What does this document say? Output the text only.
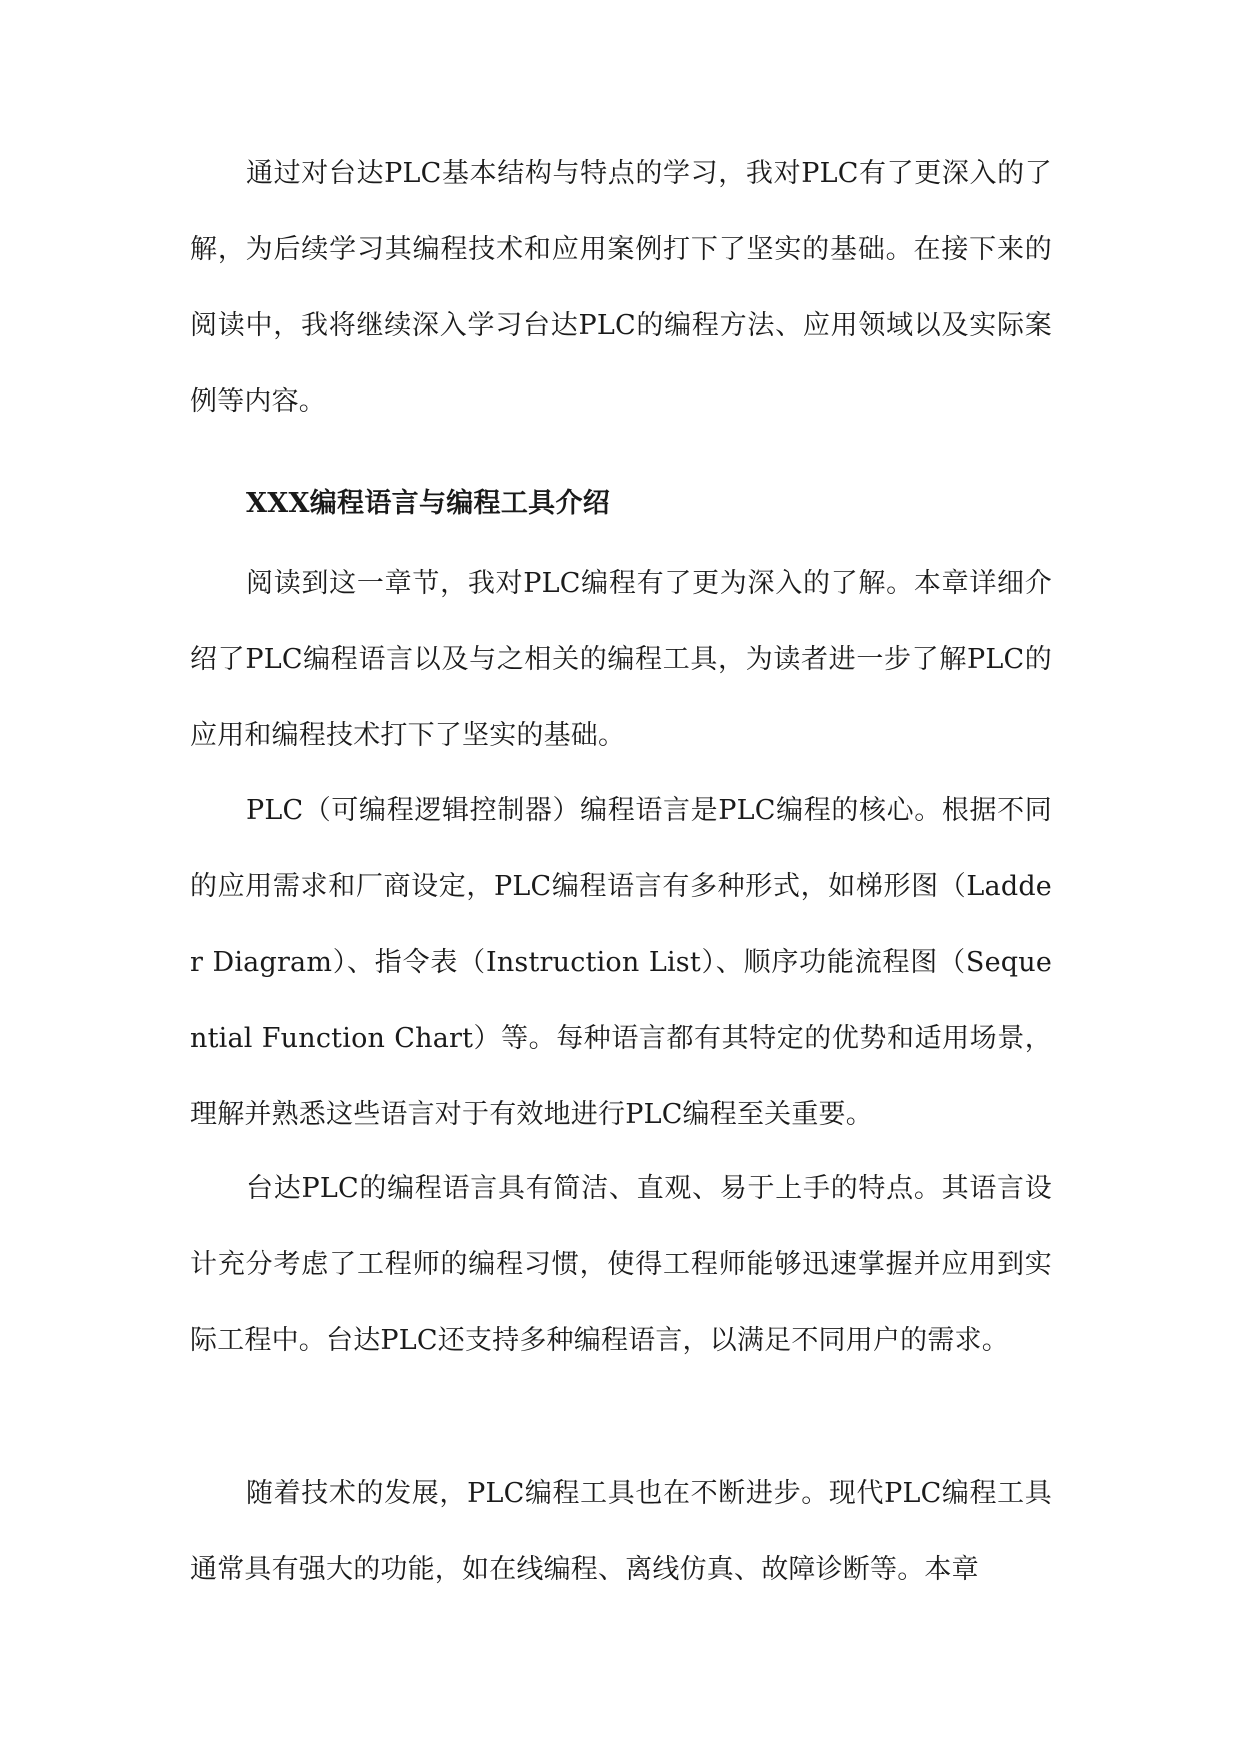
通过对台达PLC基本结构与特点的学习，我对PLC有了更深入的了解，为后续学习其编程技术和应用案例打下了坚实的基础。在接下来的阅读中，我将继续深入学习台达PLC的编程方法、应用领域以及实际案例等内容。

XXX编程语言与编程工具介绍

阅读到这一章节，我对PLC编程有了更为深入的了解。本章详细介绍了PLC编程语言以及与之相关的编程工具，为读者进一步了解PLC的应用和编程技术打下了坚实的基础。

PLC（可编程逻辑控制器）编程语言是PLC编程的核心。根据不同的应用需求和厂商设定，PLC编程语言有多种形式，如梯形图（Ladder Diagram）、指令表（Instruction List）、顺序功能流程图（Sequential Function Chart）等。每种语言都有其特定的优势和适用场景，理解并熟悉这些语言对于有效地进行PLC编程至关重要。

台达PLC的编程语言具有简洁、直观、易于上手的特点。其语言设计充分考虑了工程师的编程习惯，使得工程师能够迅速掌握并应用到实际工程中。台达PLC还支持多种编程语言，以满足不同用户的需求。

随着技术的发展，PLC编程工具也在不断进步。现代PLC编程工具通常具有强大的功能，如在线编程、离线仿真、故障诊断等。本章
